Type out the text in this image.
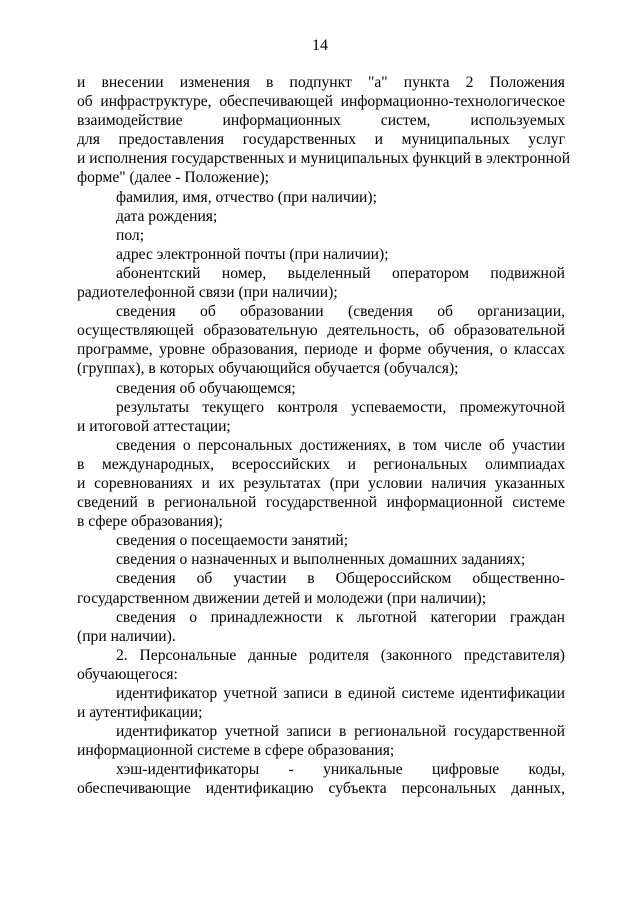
14
и внесении изменения в подпункт "а" пункта 2 Положения
об инфраструктуре, обеспечивающей информационно-технологическое
взаимодействие информационных систем, используемых
для предоставления государственных и муниципальных услуг
и исполнения государственных и муниципальных функций в электронной
форме" (далее - Положение);
фамилия, имя, отчество (при наличии);
дата рождения;
пол;
адрес электронной почты (при наличии);
абонентский номер, выделенный оператором подвижной
радиотелефонной связи (при наличии);
сведения об образовании (сведения об организации,
осуществляющей образовательную деятельность, об образовательной
программе, уровне образования, периоде и форме обучения, о классах
(группах), в которых обучающийся обучается (обучался);
сведения об обучающемся;
результаты текущего контроля успеваемости, промежуточной
и итоговой аттестации;
сведения о персональных достижениях, в том числе об участии
в международных, всероссийских и региональных олимпиадах
и соревнованиях и их результатах (при условии наличия указанных
сведений в региональной государственной информационной системе
в сфере образования);
сведения о посещаемости занятий;
сведения о назначенных и выполненных домашних заданиях;
сведения об участии в Общероссийском общественно-
государственном движении детей и молодежи (при наличии);
сведения о принадлежности к льготной категории граждан
(при наличии).
2. Персональные данные родителя (законного представителя)
обучающегося:
идентификатор учетной записи в единой системе идентификации
и аутентификации;
идентификатор учетной записи в региональной государственной
информационной системе в сфере образования;
хэш-идентификаторы - уникальные цифровые коды,
обеспечивающие идентификацию субъекта персональных данных,
